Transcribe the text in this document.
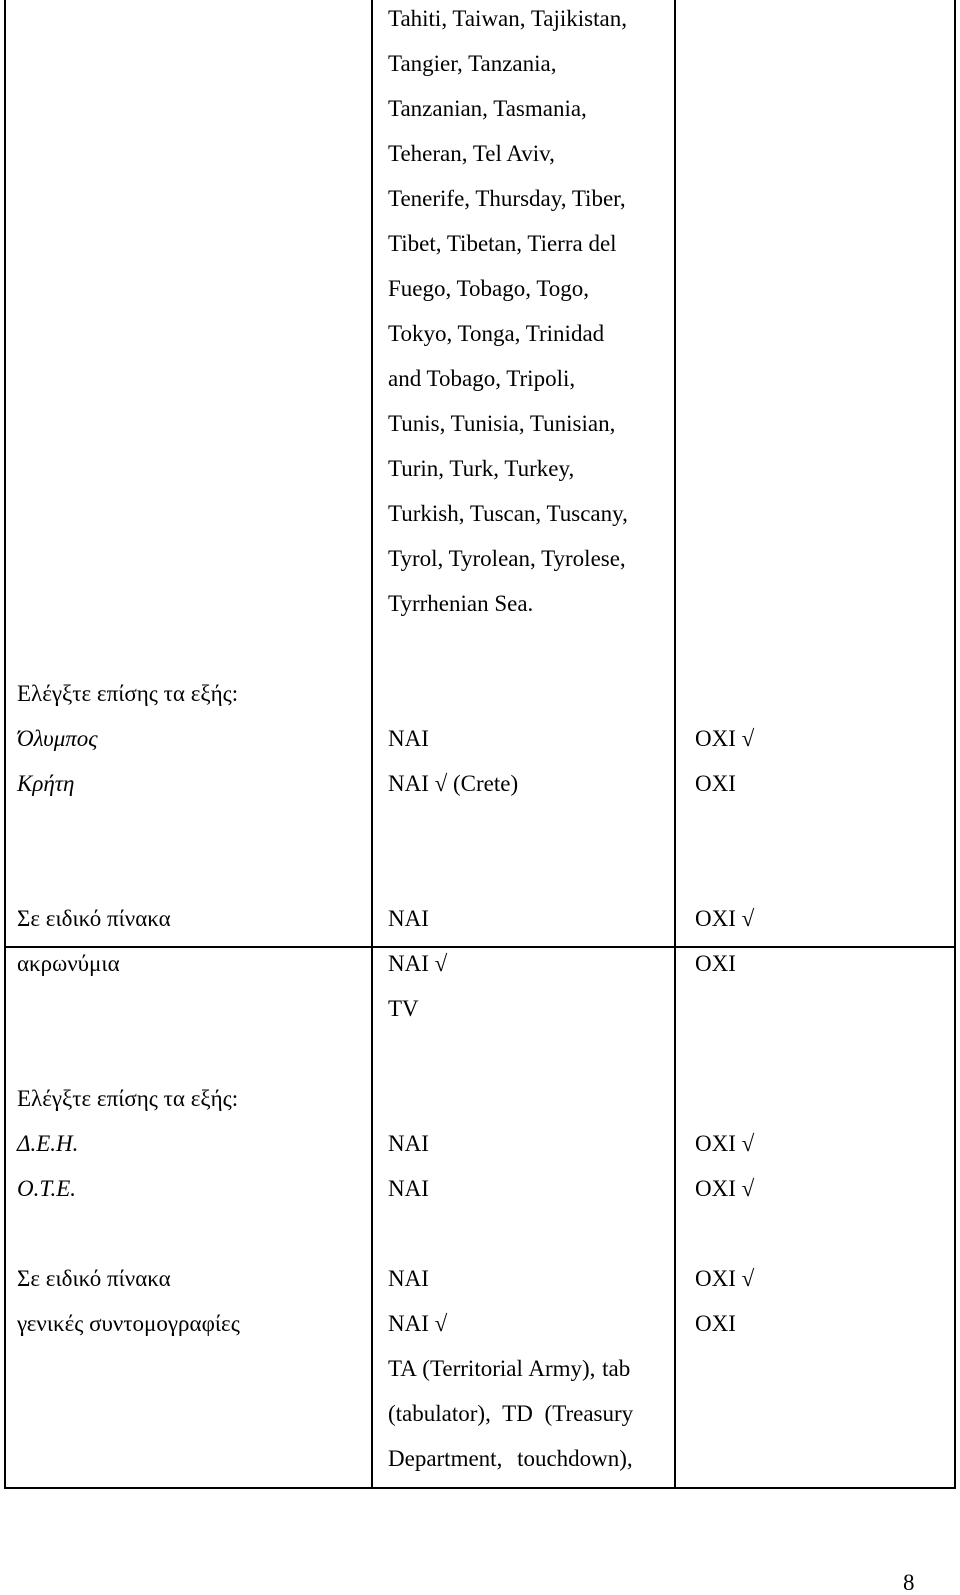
Tahiti, Taiwan, Tajikistan,
Tangier, Tanzania,
Tanzanian, Tasmania,
Teheran, Tel Aviv,
Tenerife, Thursday, Tiber,
Tibet, Tibetan, Tierra del
Fuego, Tobago, Togo,
Tokyo, Tonga, Trinidad
and Tobago, Tripoli,
Tunis, Tunisia, Tunisian,
Turin, Turk, Turkey,
Turkish, Tuscan, Tuscany,
Tyrol, Tyrolean, Tyrolese,
Tyrrhenian Sea.
Ελέγξτε επίσης τα εξής:
Όλυμπος	ΝΑΙ	ΟΧΙ √
Κρήτη	ΝΑΙ √ (Crete)	ΟΧΙ
Σε ειδικό πίνακα	ΝΑΙ	ΟΧΙ √
ακρωνύμια	ΝΑΙ √	ΟΧΙ
TV
Ελέγξτε επίσης τα εξής:
Δ.Ε.Η.	ΝΑΙ	ΟΧΙ √
Ο.Τ.Ε.	ΝΑΙ	ΟΧΙ √
Σε ειδικό πίνακα	ΝΑΙ	ΟΧΙ √
γενικές συντομογραφίες	ΝΑΙ √	ΟΧΙ
TA (Territorial Army), tab
(tabulator), TD (Treasury
Department, touchdown),
8
